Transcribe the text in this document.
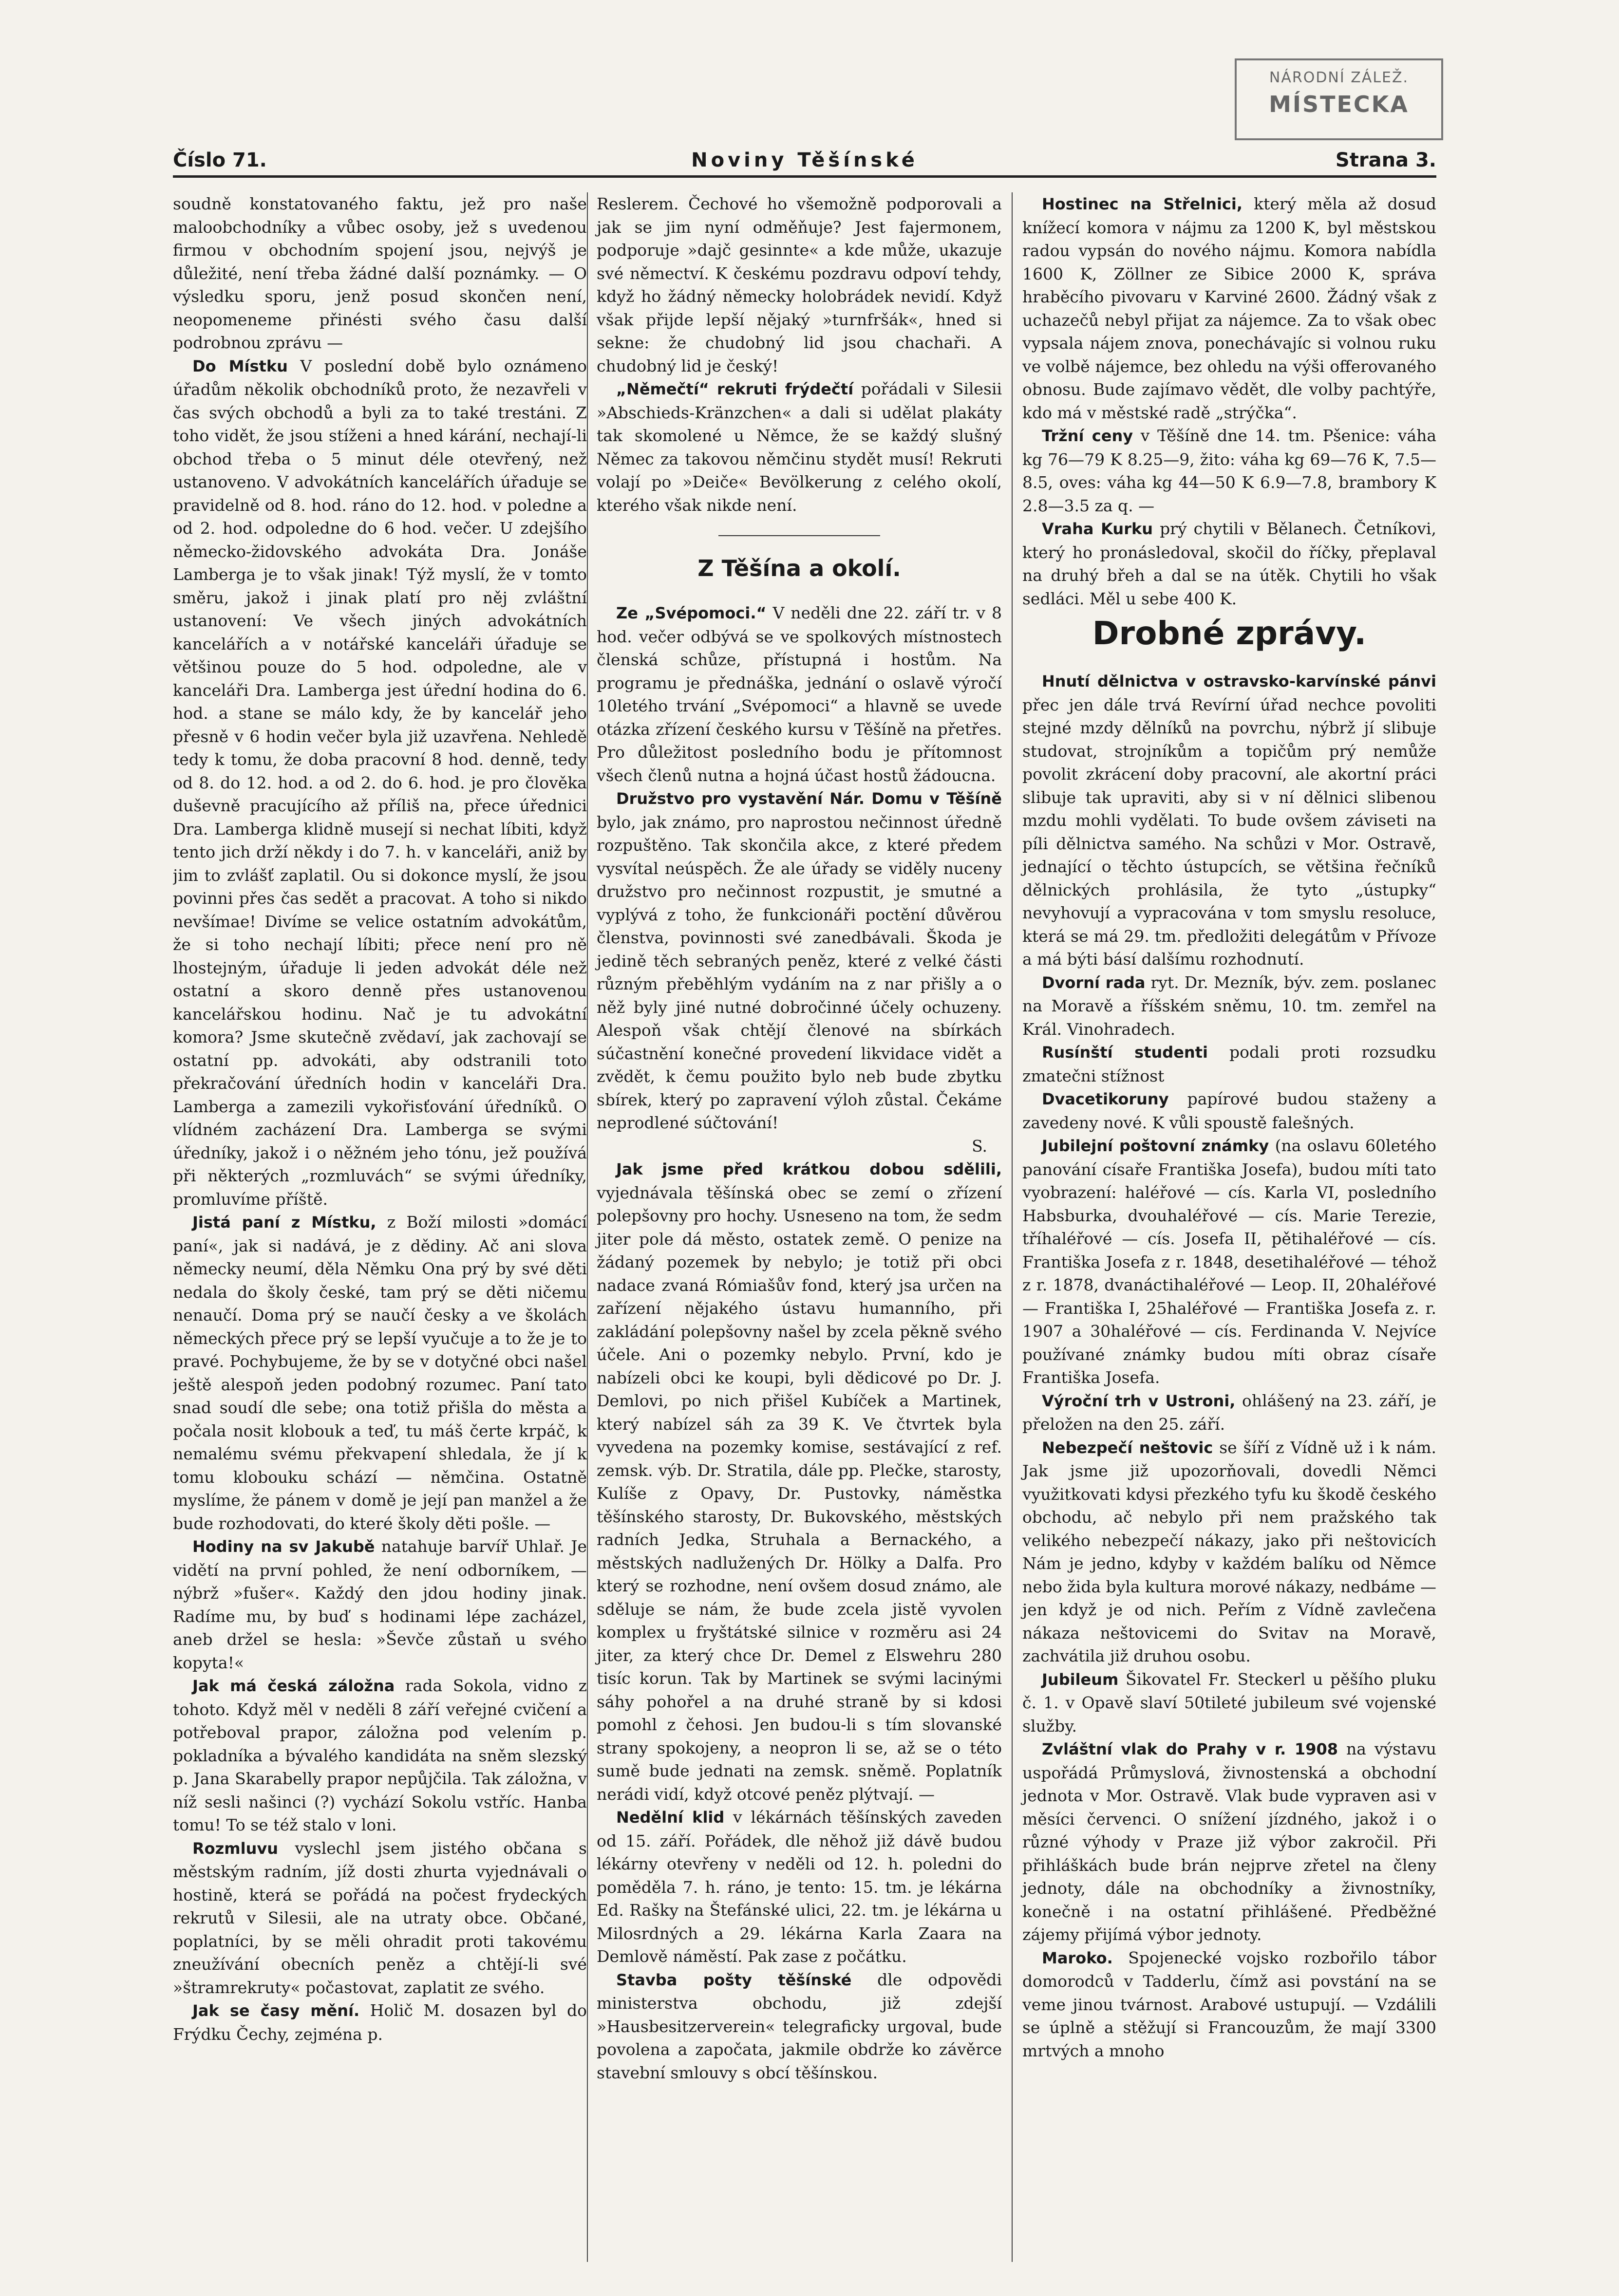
NÁRODNÍ ZÁLEŽ.
MÍSTECKA
Číslo 71.	Noviny Těšínské	Strana 3.

soudně konstatovaného faktu, jež pro naše maloobchodníky a vůbec osoby, jež s uvedenou firmou v obchodním spojení jsou, nejvýš je důležité, není třeba žádné další poznámky. — O výsledku sporu, jenž posud skončen není, neopomeneme přinésti svého času další podrobnou zprávu —

Do Místku V poslední době bylo oznámeno úřadům několik obchodníků proto, že nezavřeli v čas svých obchodů a byli za to také trestáni. Z toho vidět, že jsou stíženi a hned kárání, nechají-li obchod třeba o 5 minut déle otevřený, než ustanoveno. V advokátních kancelářích úřaduje se pravidelně od 8. hod. ráno do 12. hod. v poledne a od 2. hod. odpoledne do 6 hod. večer. U zdejšího německo-židovského advokáta Dra. Jonáše Lamberga je to však jinak! Týž myslí, že v tomto směru, jakož i jinak platí pro něj zvláštní ustanovení: Ve všech jiných advokátních kancelářích a v notářské kanceláři úřaduje se většinou pouze do 5 hod. odpoledne, ale v kanceláři Dra. Lamberga jest úřední hodina do 6. hod. a stane se málo kdy, že by kancelář jeho přesně v 6 hodin večer byla již uzavřena. Nehledě tedy k tomu, že doba pracovní 8 hod. denně, tedy od 8. do 12. hod. a od 2. do 6. hod. je pro člověka duševně pracujícího až příliš na, přece úřednici Dra. Lamberga klidně musejí si nechat líbiti, když tento jich drží někdy i do 7. h. v kanceláři, aniž by jim to zvlášť zaplatil. Ou si dokonce myslí, že jsou povinni přes čas sedět a pracovat. A toho si nikdo nevšímae! Divíme se velice ostatním advokátům, že si toho nechají líbiti; přece není pro ně lhostejným, úřaduje li jeden advokát déle než ostatní a skoro denně přes ustanovenou kancelářskou hodinu. Nač je tu advokátní komora? Jsme skutečně zvědaví, jak zachovají se ostatní pp. advokáti, aby odstranili toto překračování úředních hodin v kanceláři Dra. Lamberga a zamezili vykořisťování úředníků. O vlídném zacházení Dra. Lamberga se svými úředníky, jakož i o něžném jeho tónu, jež používá při některých „rozmluvách“ se svými úředníky, promluvíme příště.

Jistá paní z Místku, z Boží milosti »domácí paní«, jak si nadává, je z dědiny. Ač ani slova německy neumí, děla Němku Ona prý by své děti nedala do školy české, tam prý se děti ničemu nenaučí. Doma prý se naučí česky a ve školách německých přece prý se lepší vyučuje a to že je to pravé. Pochybujeme, že by se v dotyčné obci našel ještě alespoň jeden podobný rozumec. Paní tato snad soudí dle sebe; ona totiž přišla do města a počala nosit klobouk a teď, tu máš čerte krpáč, k nemalému svému překvapení shledala, že jí k tomu klobouku schází — němčina. Ostatně myslíme, že pánem v domě je její pan manžel a že bude rozhodovati, do které školy děti pošle. —

Hodiny na sv Jakubě natahuje barvíř Uhlař. Je vidětí na první pohled, že není odborníkem, — nýbrž »fušer«. Každý den jdou hodiny jinak. Radíme mu, by buď s hodinami lépe zacházel, aneb držel se hesla: »Ševče zůstaň u svého kopyta!«

Jak má česká záložna rada Sokola, vidno z tohoto. Když měl v neděli 8 září veřejné cvičení a potřeboval prapor, záložna pod velením p. pokladníka a bývalého kandidáta na sněm slezský p. Jana Skarabelly prapor nepůjčila. Tak záložna, v níž sesli našinci (?) vychází Sokolu vstříc. Hanba tomu! To se též stalo v loni.

Rozmluvu vyslechl jsem jistého občana s městským radním, jíž dosti zhurta vyjednávali o hostině, která se pořádá na počest frydeckých rekrutů v Silesii, ale na utraty obce. Občané, poplatníci, by se měli ohradit proti takovému zneužívání obecních peněz a chtějí-li své »štramrekruty« počastovat, zaplatit ze svého.

Jak se časy mění. Holič M. dosazen byl do Frýdku Čechy, zejména p.

Reslerem. Čechové ho všemožně podporovali a jak se jim nyní odměňuje? Jest fajermonem, podporuje »dajč gesinnte« a kde může, ukazuje své němectví. K českému pozdravu odpoví tehdy, když ho žádný německy holobrádek nevidí. Když však přijde lepší nějaký »turnfršák«, hned si sekne: že chudobný lid jsou chachaři. A chudobný lid je český!

„Němečtí“ rekruti frýdečtí pořádali v Silesii »Abschieds-Kränzchen« a dali si udělat plakáty tak skomolené u Němce, že se každý slušný Němec za takovou němčinu stydět musí! Rekruti volají po »Deiče« Bevölkerung z celého okolí, kterého však nikde není.

Z Těšína a okolí.

Ze „Svépomoci.“ V neděli dne 22. září tr. v 8 hod. večer odbývá se ve spolkových místnostech členská schůze, přístupná i hostům. Na programu je přednáška, jednání o oslavě výročí 10letého trvání „Svépomoci“ a hlavně se uvede otázka zřízení českého kursu v Těšíně na přetřes. Pro důležitost posledního bodu je přítomnost všech členů nutna a hojná účast hostů žádoucna.

Družstvo pro vystavění Nár. Domu v Těšíně bylo, jak známo, pro naprostou nečinnost úředně rozpuštěno. Tak skončila akce, z které předem vysvítal neúspěch. Že ale úřady se viděly nuceny družstvo pro nečinnost rozpustit, je smutné a vyplývá z toho, že funkcionáři poctění důvěrou členstva, povinnosti své zanedbávali. Škoda je jedině těch sebraných peněz, které z velké části různým přeběhlým vydáním na z nar přišly a o něž byly jiné nutné dobročinné účely ochuzeny. Alespoň však chtějí členové na sbírkách súčastnění konečné provedení likvidace vidět a zvědět, k čemu použito bylo neb bude zbytku sbírek, který po zapravení výloh zůstal. Čekáme neprodlené súčtování!

S.

Jak jsme před krátkou dobou sdělili, vyjednávala těšínská obec se zemí o zřízení polepšovny pro hochy. Usneseno na tom, že sedm jiter pole dá město, ostatek země. O penize na žádaný pozemek by nebylo; je totiž při obci nadace zvaná Rómiašův fond, který jsa určen na zařízení nějakého ústavu humanního, při zakládání polepšovny našel by zcela pěkně svého účele. Ani o pozemky nebylo. První, kdo je nabízeli obci ke koupi, byli dědicové po Dr. J. Demlovi, po nich přišel Kubíček a Martinek, který nabízel sáh za 39 K. Ve čtvrtek byla vyvedena na pozemky komise, sestávající z ref. zemsk. výb. Dr. Stratila, dále pp. Plečke, starosty, Kulíše z Opavy, Dr. Pustovky, náměstka těšínského starosty, Dr. Bukovského, městských radních Jedka, Struhala a Bernackého, a městských nadlužených Dr. Hölky a Dalfa. Pro který se rozhodne, není ovšem dosud známo, ale sděluje se nám, že bude zcela jistě vyvolen komplex u fryštátské silnice v rozměru asi 24 jiter, za který chce Dr. Demel z Elswehru 280 tisíc korun. Tak by Martinek se svými lacinými sáhy pohořel a na druhé straně by si kdosi pomohl z čehosi. Jen budou-li s tím slovanské strany spokojeny, a neopron li se, až se o této sumě bude jednati na zemsk. sněmě. Poplatník nerádi vidí, když otcové peněz plýtvají. —

Nedělní klid v lékárnách těšínských zaveden od 15. září. Pořádek, dle něhož již dávě budou lékárny otevřeny v neděli od 12. h. poledni do poměděla 7. h. ráno, je tento: 15. tm. je lékárna Ed. Rašky na Štefánské ulici, 22. tm. je lékárna u Milosrdných a 29. lékárna Karla Zaara na Demlově náměstí. Pak zase z počátku.

Stavba pošty těšínské dle odpovědi ministerstva obchodu, již zdejší »Hausbesitzerverein« telegraficky urgoval, bude povolena a započata, jakmile obdrže ko závěrce stavební smlouvy s obcí těšínskou.

Hostinec na Střelnici, který měla až dosud knížecí komora v nájmu za 1200 K, byl městskou radou vypsán do nového nájmu. Komora nabídla 1600 K, Zöllner ze Sibice 2000 K, správa hraběcího pivovaru v Karviné 2600. Žádný však z uchazečů nebyl přijat za nájemce. Za to však obec vypsala nájem znova, ponechávajíc si volnou ruku ve volbě nájemce, bez ohledu na výši offerovaného obnosu. Bude zajímavo vědět, dle volby pachtýře, kdo má v městské radě „strýčka“.

Tržní ceny v Těšíně dne 14. tm. Pšenice: váha kg 76—79 K 8.25—9, žito: váha kg 69—76 K, 7.5—8.5, oves: váha kg 44—50 K 6.9—7.8, brambory K 2.8—3.5 za q. —

Vraha Kurku prý chytili v Bělanech. Četníkovi, který ho pronásledoval, skočil do říčky, přeplaval na druhý břeh a dal se na útěk. Chytili ho však sedláci. Měl u sebe 400 K.

Drobné zprávy.

Hnutí dělnictva v ostravsko-karvínské pánvi přec jen dále trvá Revírní úřad nechce povoliti stejné mzdy dělníků na povrchu, nýbrž jí slibuje studovat, strojníkům a topičům prý nemůže povolit zkrácení doby pracovní, ale akortní práci slibuje tak upraviti, aby si v ní dělnici slibenou mzdu mohli vydělati. To bude ovšem záviseti na píli dělnictva samého. Na schůzi v Mor. Ostravě, jednající o těchto ústupcích, se většina řečníků dělnických prohlásila, že tyto „ústupky“ nevyhovují a vypracována v tom smyslu resoluce, která se má 29. tm. předložiti delegátům v Přívoze a má býti básí dalšímu rozhodnutí.

Dvorní rada ryt. Dr. Mezník, býv. zem. poslanec na Moravě a říšském sněmu, 10. tm. zemřel na Král. Vinohradech.

Rusínští studenti podali proti rozsudku zmatečni stížnost

Dvacetikoruny papírové budou staženy a zavedeny nové. K vůli spoustě falešných.

Jubilejní poštovní známky (na oslavu 60letého panování císaře Františka Josefa), budou míti tato vyobrazení: haléřové — cís. Karla VI, posledního Habsburka, dvouhaléřové — cís. Marie Terezie, tříhaléřové — cís. Josefa II, pětihaléřové — cís. Františka Josefa z r. 1848, desetihaléřové — téhož z r. 1878, dvanáctihaléřové — Leop. II, 20haléřové — Františka I, 25haléřové — Františka Josefa z. r. 1907 a 30haléřové — cís. Ferdinanda V. Nejvíce používané známky budou míti obraz císaře Františka Josefa.

Výroční trh v Ustroni, ohlášený na 23. září, je přeložen na den 25. září.

Nebezpečí neštovic se šíří z Vídně už i k nám. Jak jsme již upozorňovali, dovedli Němci využitkovati kdysi přezkého tyfu ku škodě českého obchodu, ač nebylo při nem pražského tak velikého nebezpečí nákazy, jako při neštovicích Nám je jedno, kdyby v každém balíku od Němce nebo žida byla kultura morové nákazy, nedbáme — jen když je od nich. Peřím z Vídně zavlečena nákaza neštovicemi do Svitav na Moravě, zachvátila již druhou osobu.

Jubileum Šikovatel Fr. Steckerl u pěšího pluku č. 1. v Opavě slaví 50tileté jubileum své vojenské služby.

Zvláštní vlak do Prahy v r. 1908 na výstavu uspořádá Průmyslová, živnostenská a obchodní jednota v Mor. Ostravě. Vlak bude vypraven asi v měsíci červenci. O snížení jízdného, jakož i o různé výhody v Praze již výbor zakročil. Při přihláškách bude brán nejprve zřetel na členy jednoty, dále na obchodníky a živnostníky, konečně i na ostatní přihlášené. Předběžné zájemy přijímá výbor jednoty.

Maroko. Spojenecké vojsko rozbořilo tábor domorodců v Tadderlu, čímž asi povstání na se veme jinou tvárnost. Arabové ustupují. — Vzdálili se úplně a stěžují si Francouzům, že mají 3300 mrtvých a mnoho
